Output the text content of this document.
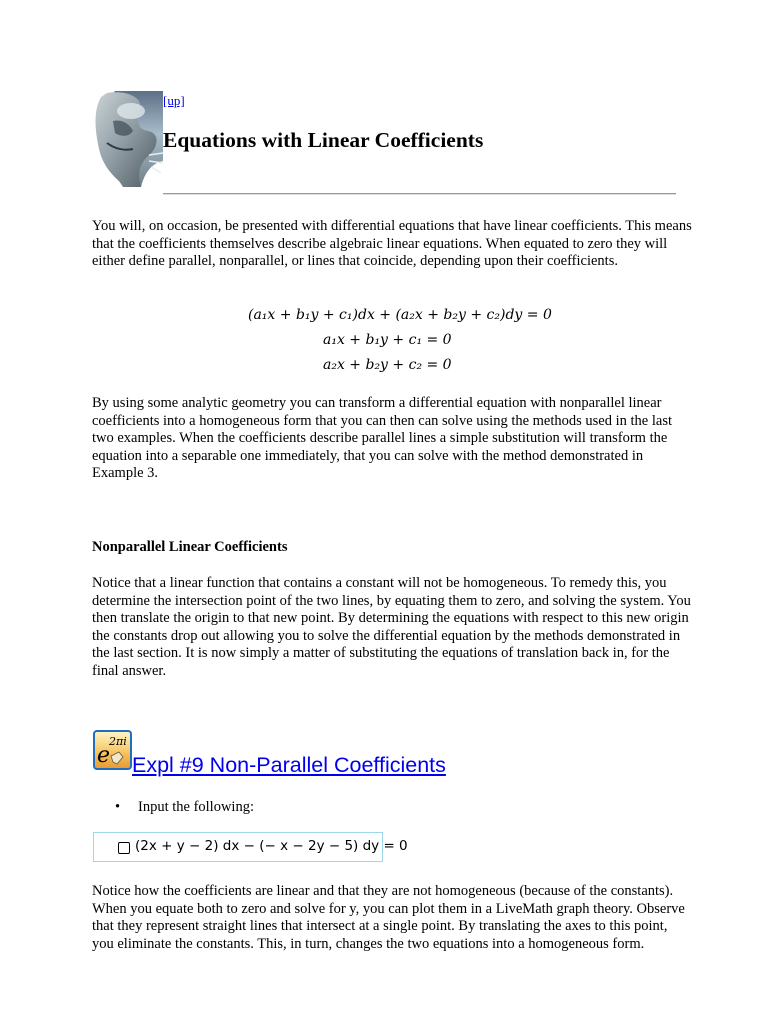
[up]
Equations with Linear Coefficients

You will, on occasion, be presented with differential equations that have linear coefficients. This means that the coefficients themselves describe algebraic linear equations. When equated to zero they will either define parallel, nonparallel, or lines that coincide, depending upon their coefficients.

(a₁x + b₁y + c₁)dx + (a₂x + b₂y + c₂)dy = 0
a₁x + b₁y + c₁ = 0
a₂x + b₂y + c₂ = 0

By using some analytic geometry you can transform a differential equation with nonparallel linear coefficients into a homogeneous form that you can then can solve using the methods used in the last two examples. When the coefficients describe parallel lines a simple substitution will transform the equation into a separable one immediately, that you can solve with the method demonstrated in Example 3.

Nonparallel Linear Coefficients

Notice that a linear function that contains a constant will not be homogeneous. To remedy this, you determine the intersection point of the two lines, by equating them to zero, and solving the system. You then translate the origin to that new point. By determining the equations with respect to this new origin the constants drop out allowing you to solve the differential equation by the methods demonstrated in the last section. It is now simply a matter of substituting the equations of translation back in, for the final answer.

e
2πi
Expl #9 Non-Parallel Coefficients
• Input the following:
(2x + y − 2) dx − (− x − 2y − 5) dy = 0

Notice how the coefficients are linear and that they are not homogeneous (because of the constants). When you equate both to zero and solve for y, you can plot them in a LiveMath graph theory. Observe that they represent straight lines that intersect at a single point. By translating the axes to this point, you eliminate the constants. This, in turn, changes the two equations into a homogeneous form.
